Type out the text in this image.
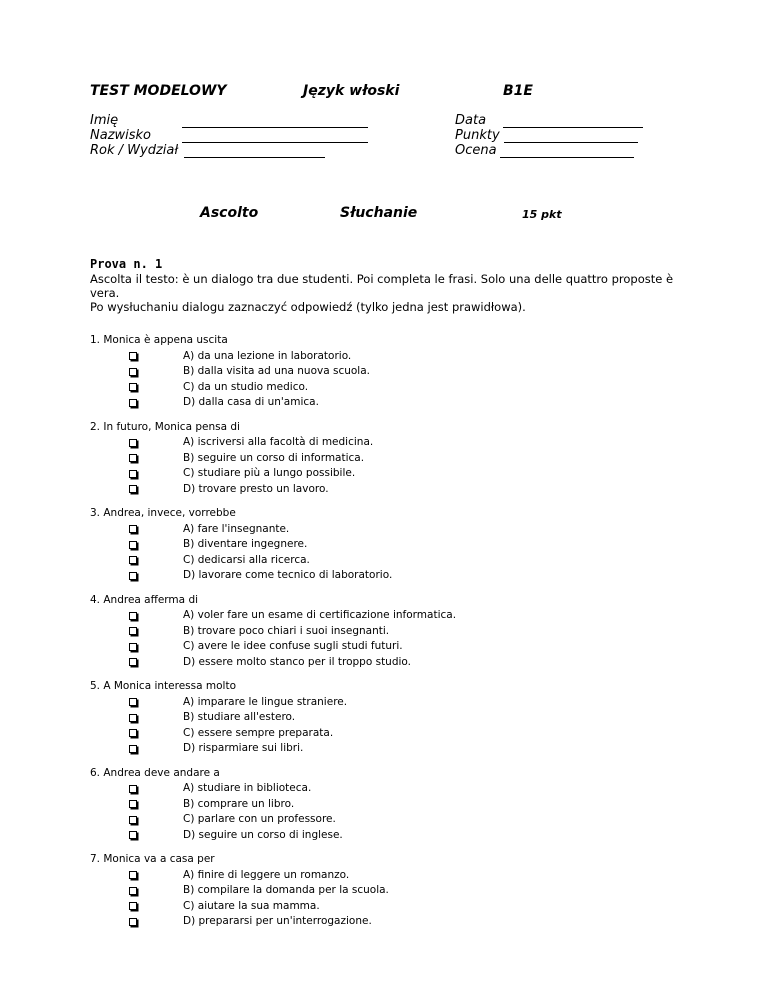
TEST MODELOWY	Język włoski	B1E
Imię
Nazwisko
Rok / Wydział
Data
Punkty
Ocena
Ascolto	Słuchanie	15 pkt
Prova n. 1

Ascolta il testo: è un dialogo tra due studenti. Poi completa le frasi. Solo una delle quattro proposte è vera.

Po wysłuchaniu dialogu zaznaczyć odpowiedź (tylko jedna jest prawidłowa).

1. Monica è appena uscita
A) da una lezione in laboratorio.
B) dalla visita ad una nuova scuola.
C) da un studio medico.
D) dalla casa di un'amica.
2. In futuro, Monica pensa di
A) iscriversi alla facoltà di medicina.
B) seguire un corso di informatica.
C) studiare più a lungo possibile.
D) trovare presto un lavoro.
3. Andrea, invece, vorrebbe
A) fare l'insegnante.
B) diventare ingegnere.
C) dedicarsi alla ricerca.
D) lavorare come tecnico di laboratorio.
4. Andrea afferma di
A) voler fare un esame di certificazione informatica.
B) trovare poco chiari i suoi insegnanti.
C) avere le idee confuse sugli studi futuri.
D) essere molto stanco per il troppo studio.
5. A Monica interessa molto
A) imparare le lingue straniere.
B) studiare all'estero.
C) essere sempre preparata.
D) risparmiare sui libri.
6. Andrea deve andare a
A) studiare in biblioteca.
B) comprare un libro.
C) parlare con un professore.
D) seguire un corso di inglese.
7. Monica va a casa per
A) finire di leggere un romanzo.
B) compilare la domanda per la scuola.
C) aiutare la sua mamma.
D) prepararsi per un'interrogazione.
